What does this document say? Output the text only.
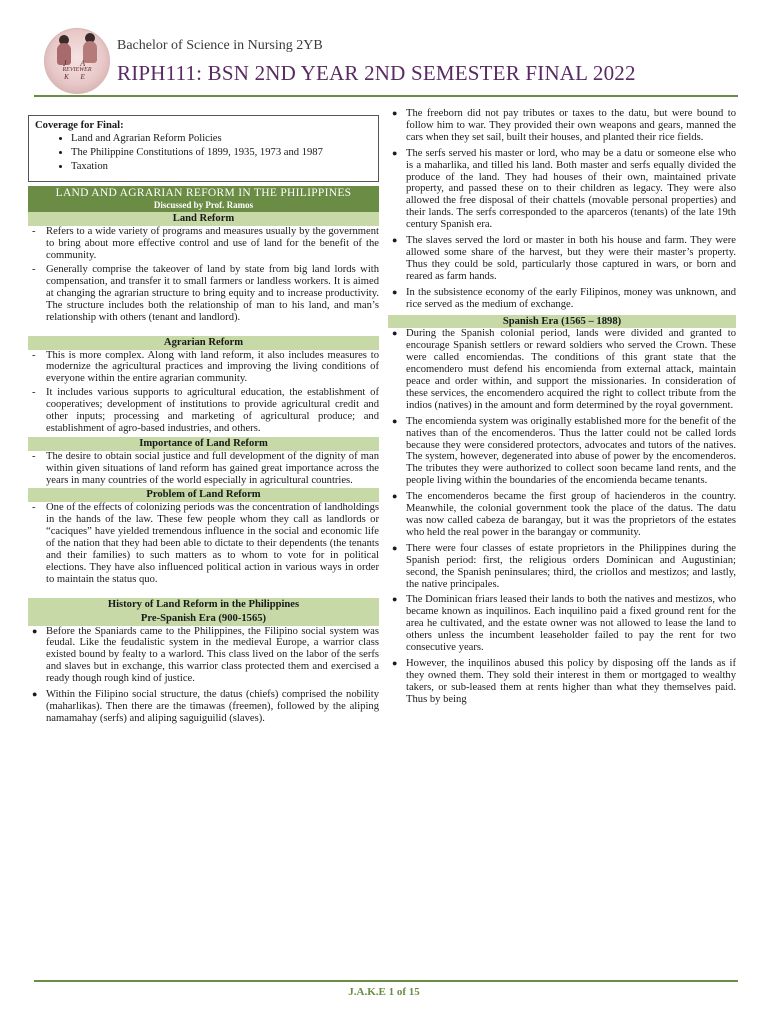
J A
REVIEWER
K E
Bachelor of Science in Nursing 2YB
RIPH111: BSN 2ND YEAR 2ND SEMESTER FINAL 2022
Coverage for Final:
• Land and Agrarian Reform Policies
• The Philippine Constitutions of 1899, 1935, 1973 and 1987
• Taxation
LAND AND AGRARIAN REFORM IN THE PHILIPPINES
Discussed by Prof. Ramos
Land Reform
- Refers to a wide variety of programs and measures usually by the government to bring about more effective control and use of land for the benefit of the community.
- Generally comprise the takeover of land by state from big land lords with compensation, and transfer it to small farmers or landless workers. It is aimed at changing the agrarian structure to bring equity and to increase productivity. The structure includes both the relationship of man to his land, and man’s relationship with others (tenant and landlord).
Agrarian Reform
- This is more complex. Along with land reform, it also includes measures to modernize the agricultural practices and improving the living conditions of everyone within the entire agrarian community.
- It includes various supports to agricultural education, the establishment of cooperatives; development of institutions to provide agricultural credit and other inputs; processing and marketing of agricultural produce; and establishment of agro-based industries, and others.
Importance of Land Reform
- The desire to obtain social justice and full development of the dignity of man within given situations of land reform has gained great importance across the years in many countries of the world especially in agricultural countries.
Problem of Land Reform
- One of the effects of colonizing periods was the concentration of landholdings in the hands of the law. These few people whom they call as landlords or “caciques” have yielded tremendous influence in the social and economic life of the nation that they had been able to dictate to their dependents (the tenants and their families) to such matters as to whom to vote for in political elections. They have also influenced political action in various ways in order to maintain the status quo.
History of Land Reform in the Philippines
Pre-Spanish Era (900-1565)
● Before the Spaniards came to the Philippines, the Filipino social system was feudal. Like the feudalistic system in the medieval Europe, a warrior class existed bound by fealty to a warlord. This class lived on the labor of the serfs and slaves but in exchange, this warrior class protected them and exercised a ready though rough kind of justice.
● Within the Filipino social structure, the datus (chiefs) comprised the nobility (maharlikas). Then there are the timawas (freemen), followed by the aliping namamahay (serfs) and aliping saguiguilid (slaves).
● The freeborn did not pay tributes or taxes to the datu, but were bound to follow him to war. They provided their own weapons and gears, manned the cars when they set sail, built their houses, and planted their rice fields.
● The serfs served his master or lord, who may be a datu or someone else who is a maharlika, and tilled his land. Both master and serfs equally divided the produce of the land. They had houses of their own, maintained private property, and passed these on to their children as legacy. They were also allowed the free disposal of their chattels (movable personal properties) and their lands. The serfs corresponded to the aparceros (tenants) of the late 19th century Spanish era.
● The slaves served the lord or master in both his house and farm. They were allowed some share of the harvest, but they were their master’s property. Thus they could be sold, particularly those captured in wars, or born and reared as farm hands.
● In the subsistence economy of the early Filipinos, money was unknown, and rice served as the medium of exchange.
Spanish Era (1565 – 1898)
● During the Spanish colonial period, lands were divided and granted to encourage Spanish settlers or reward soldiers who served the Crown. These were called encomiendas. The conditions of this grant state that the encomendero must defend his encomienda from external attack, maintain peace and order within, and support the missionaries. In consideration of these services, the encomendero acquired the right to collect tribute from the indios (natives) in the amount and form determined by the royal government.
● The encomienda system was originally established more for the benefit of the natives than of the encomenderos. Thus the latter could not be called lords because they were considered protectors, advocates and tutors of the natives. The system, however, degenerated into abuse of power by the encomenderos. The tributes they were authorized to collect soon became land rents, and the people living within the boundaries of the encomienda became tenants.
● The encomenderos became the first group of hacienderos in the country. Meanwhile, the colonial government took the place of the datus. The datu was now called cabeza de barangay, but it was the proprietors of the estates who held the real power in the barangay or community.
● There were four classes of estate proprietors in the Philippines during the Spanish period: first, the religious orders Dominican and Augustinian; second, the Spanish peninsulares; third, the criollos and mestizos; and lastly, the native principales.
● The Dominican friars leased their lands to both the natives and mestizos, who became known as inquilinos. Each inquilino paid a fixed ground rent for the area he cultivated, and the estate owner was not allowed to lease the land to others unless the incumbent leaseholder failed to pay the rent for two consecutive years.
● However, the inquilinos abused this policy by disposing off the lands as if they owned them. They sold their interest in them or mortgaged to wealthy takers, or sub-leased them at rents higher than what they themselves paid. Thus by being
J.A.K.E 1 of 15
